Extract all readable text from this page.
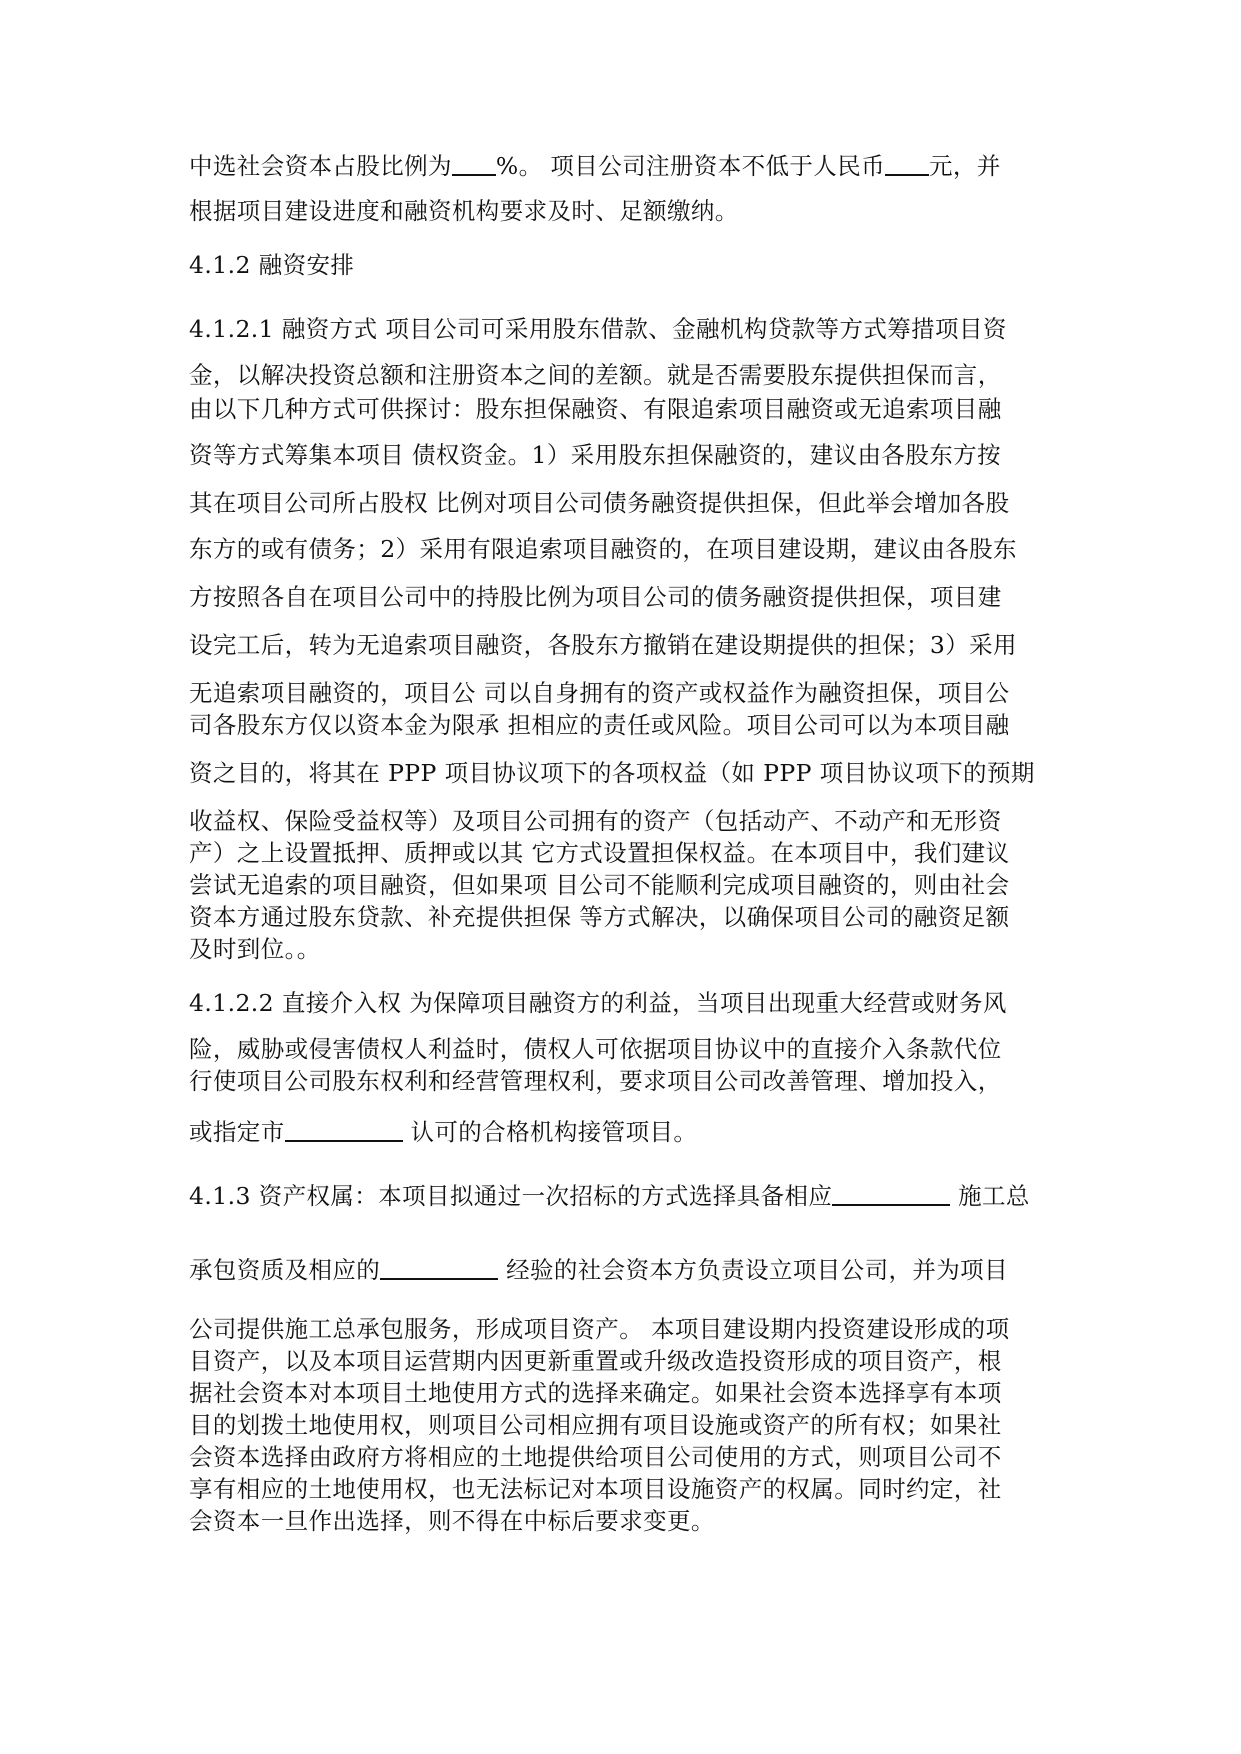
中选社会资本占股比例为 %。 项目公司注册资本不低于人民币 元，并
根据项目建设进度和融资机构要求及时、足额缴纳。
4.1.2 融资安排
4.1.2.1 融资方式 项目公司可采用股东借款、金融机构贷款等方式筹措项目资
金，以解决投资总额和注册资本之间的差额。就是否需要股东提供担保而言，
由以下几种方式可供探讨：股东担保融资、有限追索项目融资或无追索项目融
资等方式筹集本项目 债权资金。1）采用股东担保融资的，建议由各股东方按
其在项目公司所占股权 比例对项目公司债务融资提供担保，但此举会增加各股
东方的或有债务；2）采用有限追索项目融资的，在项目建设期，建议由各股东
方按照各自在项目公司中的持股比例为项目公司的债务融资提供担保，项目建
设完工后，转为无追索项目融资，各股东方撤销在建设期提供的担保；3）采用
无追索项目融资的，项目公 司以自身拥有的资产或权益作为融资担保，项目公
司各股东方仅以资本金为限承 担相应的责任或风险。项目公司可以为本项目融
资之目的，将其在 PPP 项目协议项下的各项权益（如 PPP 项目协议项下的预期
收益权、保险受益权等）及项目公司拥有的资产（包括动产、不动产和无形资
产）之上设置抵押、质押或以其 它方式设置担保权益。在本项目中，我们建议
尝试无追索的项目融资，但如果项 目公司不能顺利完成项目融资的，则由社会
资本方通过股东贷款、补充提供担保 等方式解决，以确保项目公司的融资足额
及时到位。。
4.1.2.2 直接介入权 为保障项目融资方的利益，当项目出现重大经营或财务风
险，威胁或侵害债权人利益时，债权人可依据项目协议中的直接介入条款代位
行使项目公司股东权利和经营管理权利，要求项目公司改善管理、增加投入，
或指定市	认可的合格机构接管项目。
4.1.3 资产权属：本项目拟通过一次招标的方式选择具备相应	施工总
承包资质及相应的	经验的社会资本方负责设立项目公司，并为项目
公司提供施工总承包服务，形成项目资产。 本项目建设期内投资建设形成的项
目资产，以及本项目运营期内因更新重置或升级改造投资形成的项目资产，根
据社会资本对本项目土地使用方式的选择来确定。如果社会资本选择享有本项
目的划拨土地使用权，则项目公司相应拥有项目设施或资产的所有权；如果社
会资本选择由政府方将相应的土地提供给项目公司使用的方式，则项目公司不
享有相应的土地使用权，也无法标记对本项目设施资产的权属。同时约定，社
会资本一旦作出选择，则不得在中标后要求变更。
